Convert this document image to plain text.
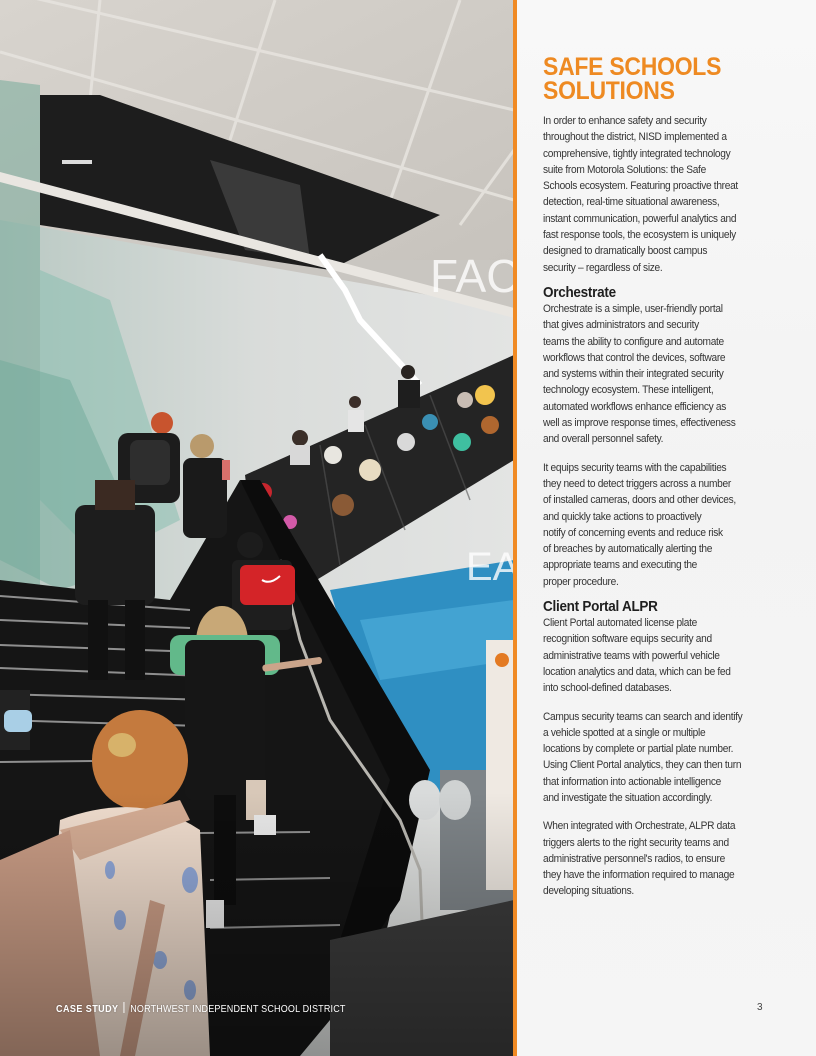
SAFE SCHOOLS SOLUTIONS
In order to enhance safety and security
throughout the district, NISD implemented a
comprehensive, tightly integrated technology
suite from Motorola Solutions: the Safe
Schools ecosystem. Featuring proactive threat
detection, real-time situational awareness,
instant communication, powerful analytics and
fast response tools, the ecosystem is uniquely
designed to dramatically boost campus
security – regardless of size.
Orchestrate
Orchestrate is a simple, user-friendly portal
that gives administrators and security
teams the ability to configure and automate
workflows that control the devices, software
and systems within their integrated security
technology ecosystem. These intelligent,
automated workflows enhance efficiency as
well as improve response times, effectiveness
and overall personnel safety.
It equips security teams with the capabilities
they need to detect triggers across a number
of installed cameras, doors and other devices,
and quickly take actions to proactively
notify of concerning events and reduce risk
of breaches by automatically alerting the
appropriate teams and executing the
proper procedure.
Client Portal ALPR
Client Portal automated license plate
recognition software equips security and
administrative teams with powerful vehicle
location analytics and data, which can be fed
into school-defined databases.
Campus security teams can search and identify
a vehicle spotted at a single or multiple
locations by complete or partial plate number.
Using Client Portal analytics, they can then turn
that information into actionable intelligence
and investigate the situation accordingly.
When integrated with Orchestrate, ALPR data
triggers alerts to the right security teams and
administrative personnel's radios, to ensure
they have the information required to manage
developing situations.
CASE STUDY NORTHWEST INDEPENDENT SCHOOL DISTRICT	3
